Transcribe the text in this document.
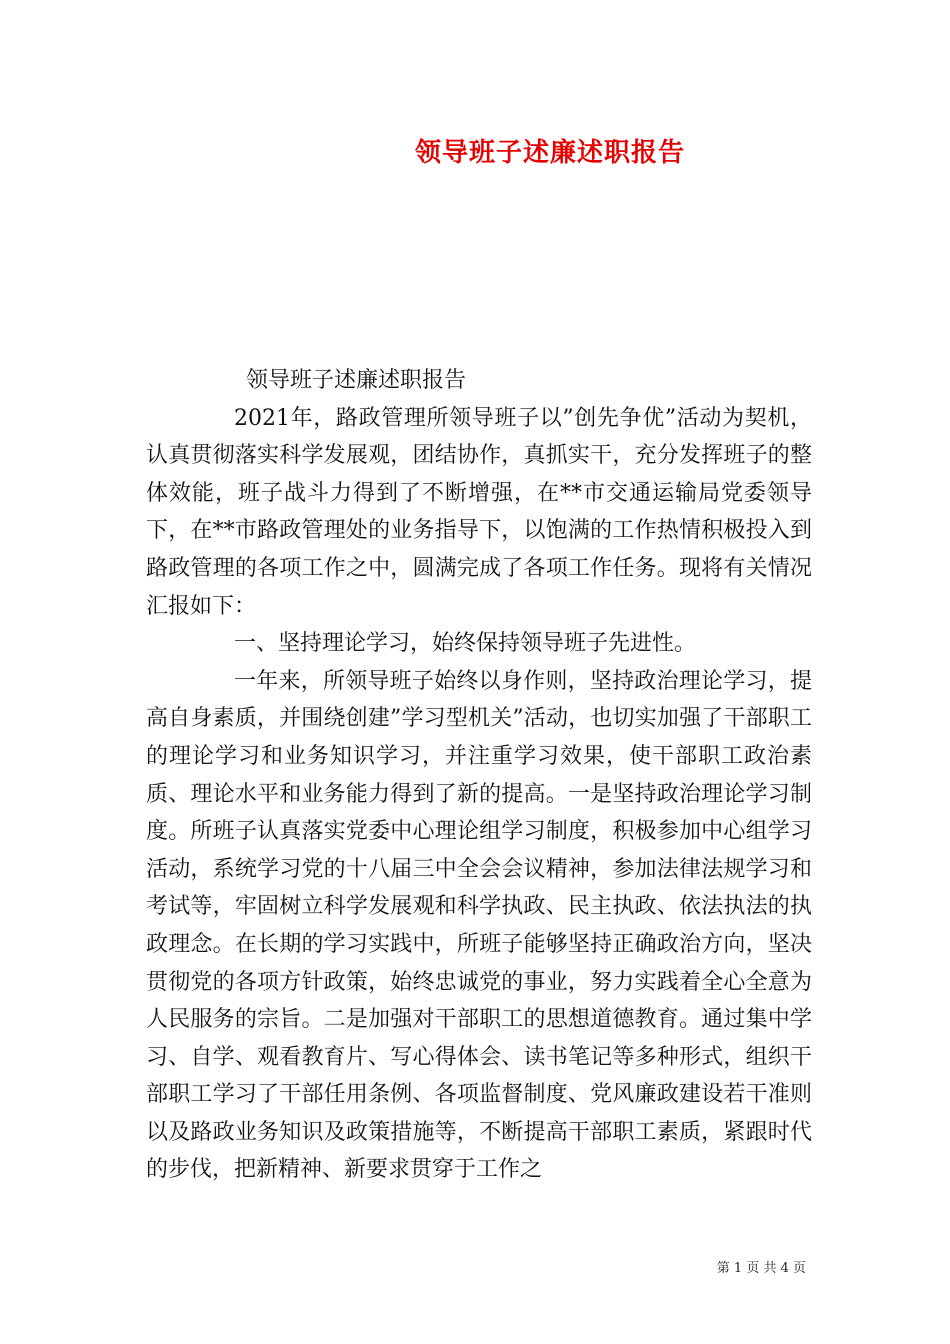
领导班子述廉述职报告

领导班子述廉述职报告

2021年，路政管理所领导班子以”创先争优”活动为契机，认真贯彻落实科学发展观，团结协作，真抓实干，充分发挥班子的整体效能，班子战斗力得到了不断增强，在**市交通运输局党委领导下，在**市路政管理处的业务指导下，以饱满的工作热情积极投入到路政管理的各项工作之中，圆满完成了各项工作任务。现将有关情况汇报如下：

一、坚持理论学习，始终保持领导班子先进性。

一年来，所领导班子始终以身作则，坚持政治理论学习，提高自身素质，并围绕创建”学习型机关”活动，也切实加强了干部职工的理论学习和业务知识学习，并注重学习效果，使干部职工政治素质、理论水平和业务能力得到了新的提高。一是坚持政治理论学习制度。所班子认真落实党委中心理论组学习制度，积极参加中心组学习活动，系统学习党的十八届三中全会会议精神，参加法律法规学习和考试等，牢固树立科学发展观和科学执政、民主执政、依法执法的执政理念。在长期的学习实践中，所班子能够坚持正确政治方向，坚决贯彻党的各项方针政策，始终忠诚党的事业，努力实践着全心全意为人民服务的宗旨。二是加强对干部职工的思想道德教育。通过集中学习、自学、观看教育片、写心得体会、读书笔记等多种形式，组织干部职工学习了干部任用条例、各项监督制度、党风廉政建设若干准则以及路政业务知识及政策措施等，不断提高干部职工素质，紧跟时代的步伐，把新精神、新要求贯穿于工作之

第 1 页 共 4 页
